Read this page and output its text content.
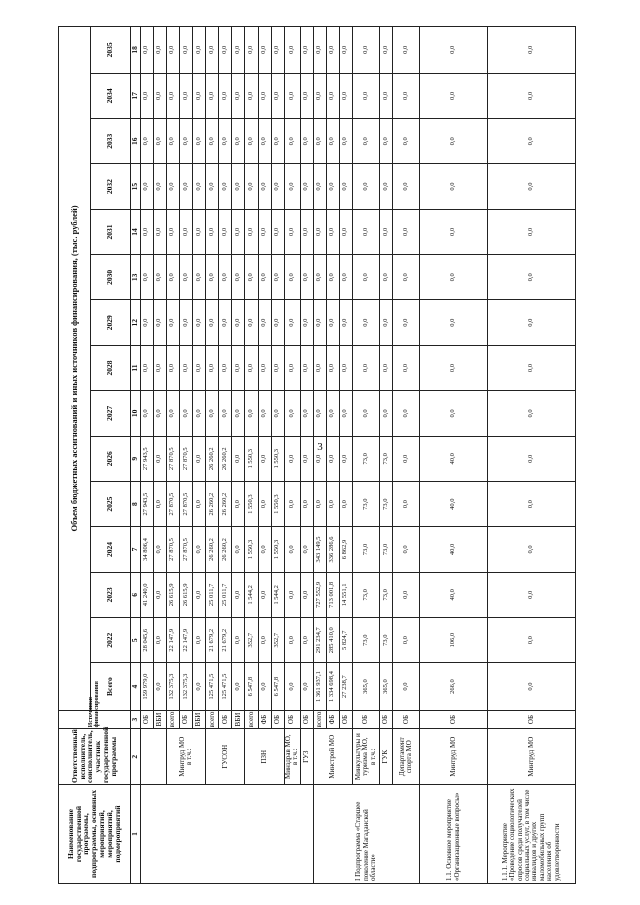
3
Наименование государственной программы, подпрограммы, основных мероприятий, мероприятий, подмероприятий	Ответственный исполнитель, соисполнитель, участник государственной программы	Источники финансирования	Объем бюджетных ассигнований и иных источников финансирования, (тыс. рублей)														
			Всего	2022	2023	2024	2025	2026	2027	2028	2029	2030	2031	2032	2033	2034	2035
1	2	3	4	5	6	7	8	9	10	11	12	13	14	15	16	17	18
		ОБ	159 979,0	28 045,6	41 240,0	34 806,4	27 943,5	27 943,5	0,0	0,0	0,0	0,0	0,0	0,0	0,0	0,0	0,0
		ВБИ	0,0	0,0	0,0	0,0	0,0	0,0	0,0	0,0	0,0	0,0	0,0	0,0	0,0	0,0	0,0

	Минтруд МО в т.ч.:	всего:	132 375,3	22 147,9	26 615,9	27 870,5	27 870,5	27 870,5	0,0	0,0	0,0	0,0	0,0	0,0	0,0	0,0	0,0
		ОБ	132 375,3	22 147,9	26 615,9	27 870,5	27 870,5	27 870,5	0,0	0,0	0,0	0,0	0,0	0,0	0,0	0,0	0,0
		ВБИ	0,0	0,0	0,0	0,0	0,0	0,0	0,0	0,0	0,0	0,0	0,0	0,0	0,0	0,0	0,0
	ГУСОН	всего:	125 471,5	21 679,2	25 011,7	26 260,2	26 260,2	26 260,2	0,0	0,0	0,0	0,0	0,0	0,0	0,0	0,0	0,0
		ОБ	125 471,5	21 679,2	25 011,7	26 260,2	26 260,2	26 260,2	0,0	0,0	0,0	0,0	0,0	0,0	0,0	0,0	0,0
		ВБИ	0,0	0,0	0,0	0,0	0,0	0,0	0,0	0,0	0,0	0,0	0,0	0,0	0,0	0,0	0,0
	ПЗН	всего:	6 547,8	352,7	1 544,2	1 550,3	1 550,3	1 550,3	0,0	0,0	0,0	0,0	0,0	0,0	0,0	0,0	0,0
		ФБ	0,0	0,0	0,0	0,0	0,0	0,0	0,0	0,0	0,0	0,0	0,0	0,0	0,0	0,0	0,0
		ОБ	6 547,8	352,7	1 544,2	1 550,3	1 550,3	1 550,3	0,0	0,0	0,0	0,0	0,0	0,0	0,0	0,0	0,0

	Минздрав МО, в т.ч.:	ОБ	0,0	0,0	0,0	0,0	0,0	0,0	0,0	0,0	0,0	0,0	0,0	0,0	0,0	0,0	0,0
	ГУЗ	ОБ	0,0	0,0	0,0	0,0	0,0	0,0	0,0	0,0	0,0	0,0	0,0	0,0	0,0	0,0	0,0
I Подпрограмма «Старшее поколение Магаданской области»	Минстрой МО	всего:	1 361 937,1	291 234,7	727 552,9	343 149,5	0,0	0,0	0,0	0,0	0,0	0,0	0,0	0,0	0,0	0,0	0,0
		ФБ	1 334 698,4	285 410,0	713 001,8	336 286,6	0,0	0,0	0,0	0,0	0,0	0,0	0,0	0,0	0,0	0,0	0,0
		ОБ	27 238,7	5 824,7	14 551,1	6 862,9	0,0	0,0	0,0	0,0	0,0	0,0	0,0	0,0	0,0	0,0	0,0

	Минкультуры и туризма МО, в т.ч.:	ОБ	365,0	73,0	73,0	73,0	73,0	73,0	0,0	0,0	0,0	0,0	0,0	0,0	0,0	0,0	0,0
	ГУК	ОБ	365,0	73,0	73,0	73,0	73,0	73,0	0,0	0,0	0,0	0,0	0,0	0,0	0,0	0,0	0,0
	Департамент спорта МО	ОБ	0,0	0,0	0,0	0,0	0,0	0,0	0,0	0,0	0,0	0,0	0,0	0,0	0,0	0,0	0,0
1.1. Основное мероприятие «Организационные вопросы»	Минтруд МО	ОБ	266,0	106,0	40,0	40,0	40,0	40,0	0,0	0,0	0,0	0,0	0,0	0,0	0,0	0,0	0,0
1.1.1. Мероприятие «Проведение социологических опросов среди получателей социальных услуг, в том числе инвалидов и других маломобильных групп населения об удовлетворенности	Минтруд МО	ОБ	0,0	0,0	0,0	0,0	0,0	0,0	0,0	0,0	0,0	0,0	0,0	0,0	0,0	0,0	0,0
